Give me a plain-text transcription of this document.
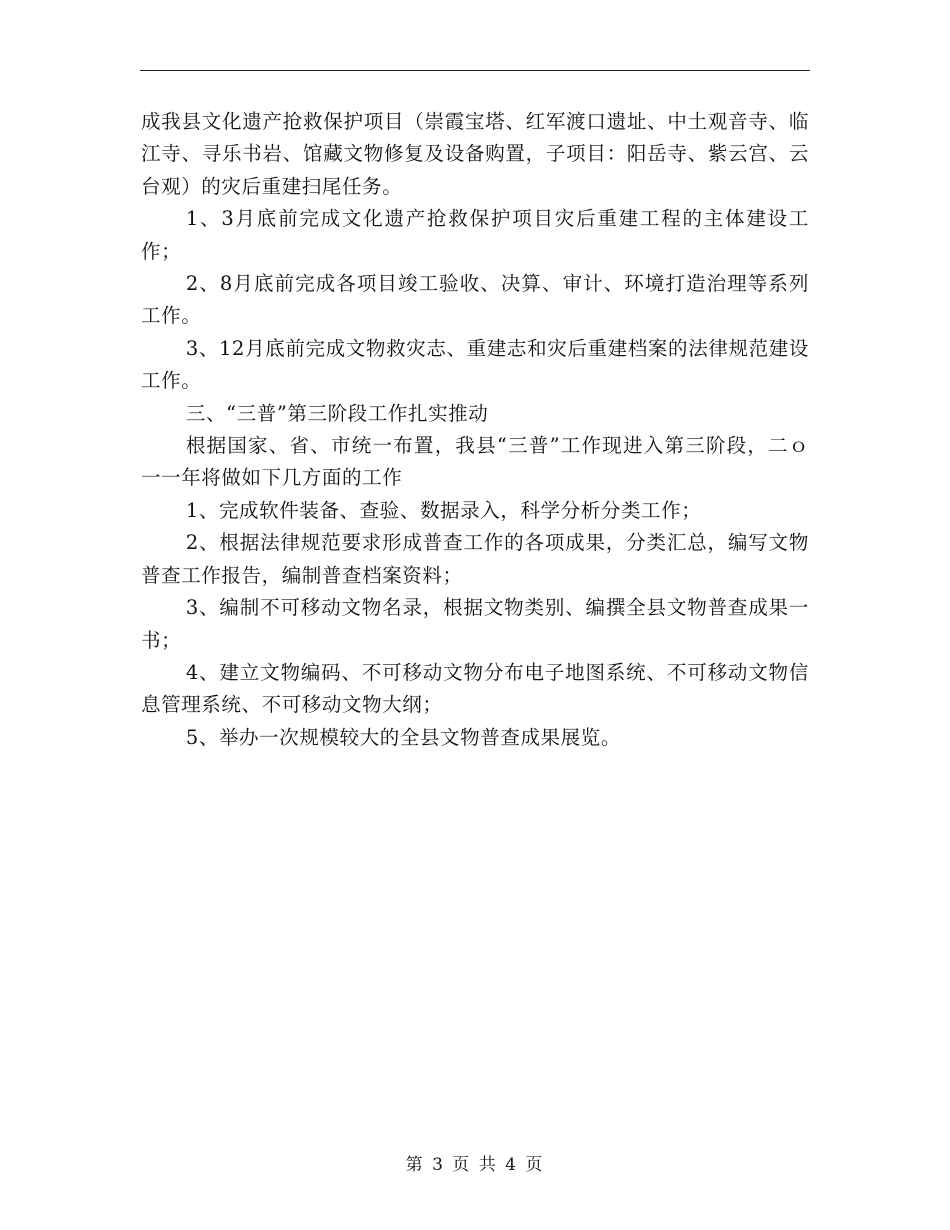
成我县文化遗产抢救保护项目（崇霞宝塔、红军渡口遗址、中土观音寺、临江寺、寻乐书岩、馆藏文物修复及设备购置，子项目：阳岳寺、紫云宫、云台观）的灾后重建扫尾任务。

1、3月底前完成文化遗产抢救保护项目灾后重建工程的主体建设工作；

2、8月底前完成各项目竣工验收、决算、审计、环境打造治理等系列工作。

3、12月底前完成文物救灾志、重建志和灾后重建档案的法律规范建设工作。

三、“三普”第三阶段工作扎实推动

根据国家、省、市统一布置，我县“三普”工作现进入第三阶段，二ｏ一一年将做如下几方面的工作

1、完成软件装备、查验、数据录入，科学分析分类工作；

2、根据法律规范要求形成普查工作的各项成果，分类汇总，编写文物普查工作报告，编制普查档案资料；

3、编制不可移动文物名录，根据文物类别、编撰全县文物普查成果一书；

4、建立文物编码、不可移动文物分布电子地图系统、不可移动文物信息管理系统、不可移动文物大纲；

5、举办一次规模较大的全县文物普查成果展览。

第 3 页 共 4 页
